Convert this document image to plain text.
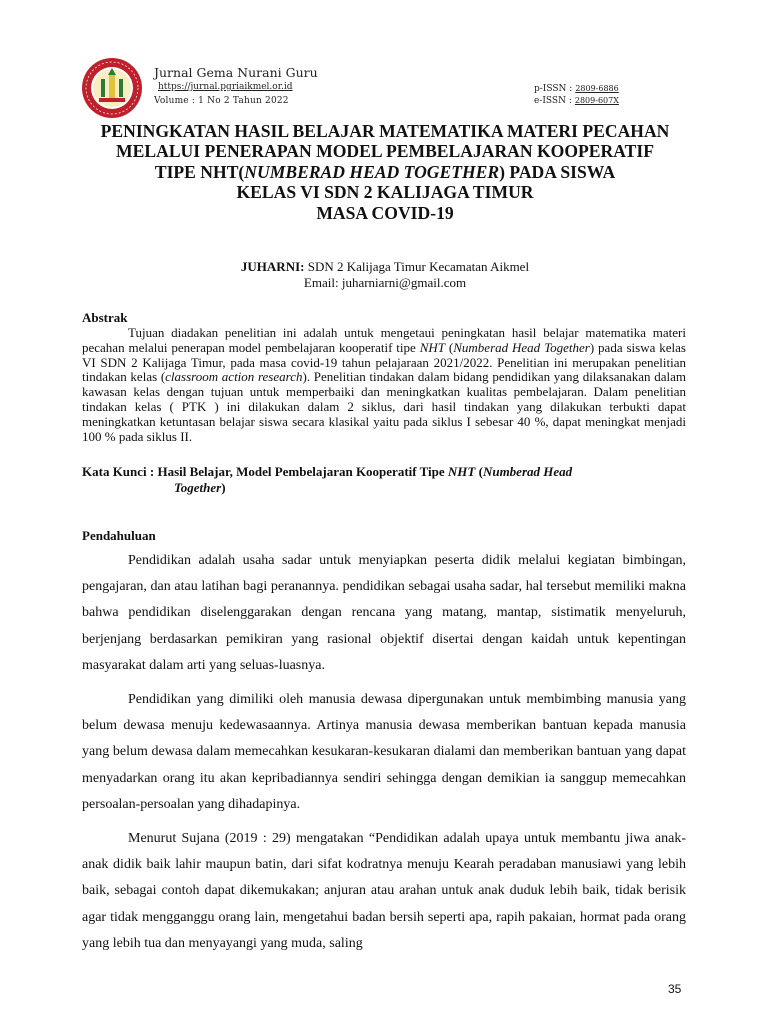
Jurnal Gema Nurani Guru
https://jurnal.pgriaikmel.or.id
Volume : 1 No 2 Tahun 2022
p-ISSN : 2809-6886
e-ISSN : 2809-607X
PENINGKATAN HASIL BELAJAR MATEMATIKA MATERI PECAHAN
MELALUI PENERAPAN MODEL PEMBELAJARAN KOOPERATIF
TIPE NHT(NUMBERAD HEAD TOGETHER) PADA SISWA
KELAS VI SDN 2 KALIJAGA TIMUR
MASA COVID-19
JUHARNI: SDN 2 Kalijaga Timur Kecamatan Aikmel
Email: juharniarni@gmail.com
Abstrak

Tujuan diadakan penelitian ini adalah untuk mengetaui peningkatan hasil belajar matematika materi pecahan melalui penerapan model pembelajaran kooperatif tipe NHT (Numberad Head Together) pada siswa kelas VI SDN 2 Kalijaga Timur, pada masa covid-19 tahun pelajaraan 2021/2022. Penelitian ini merupakan penelitian tindakan kelas (classroom action research). Penelitian tindakan dalam bidang pendidikan yang dilaksanakan dalam kawasan kelas dengan tujuan untuk memperbaiki dan meningkatkan kualitas pembelajaran. Dalam penelitian tindakan kelas ( PTK ) ini dilakukan dalam 2 siklus, dari hasil tindakan yang dilakukan terbukti dapat meningkatkan ketuntasan belajar siswa secara klasikal yaitu pada siklus I sebesar 40 %, dapat meningkat menjadi 100 % pada siklus II.

Kata Kunci : Hasil Belajar, Model Pembelajaran Kooperatif Tipe NHT (Numberad Head
Together)
Pendahuluan

Pendidikan adalah usaha sadar untuk menyiapkan peserta didik melalui kegiatan bimbingan, pengajaran, dan atau latihan bagi peranannya. pendidikan sebagai usaha sadar, hal tersebut memiliki makna bahwa pendidikan diselenggarakan dengan rencana yang matang, mantap, sistimatik menyeluruh, berjenjang berdasarkan pemikiran yang rasional objektif disertai dengan kaidah untuk kepentingan masyarakat dalam arti yang seluas-luasnya.

Pendidikan yang dimiliki oleh manusia dewasa dipergunakan untuk membimbing manusia yang belum dewasa menuju kedewasaannya. Artinya manusia dewasa memberikan bantuan kepada manusia yang belum dewasa dalam memecahkan kesukaran-kesukaran dialami dan memberikan bantuan yang dapat menyadarkan orang itu akan kepribadiannya sendiri sehingga dengan demikian ia sanggup memecahkan persoalan-persoalan yang dihadapinya.

Menurut Sujana (2019 : 29) mengatakan “Pendidikan adalah upaya untuk membantu jiwa anak-anak didik baik lahir maupun batin, dari sifat kodratnya menuju Kearah peradaban manusiawi yang lebih baik, sebagai contoh dapat dikemukakan; anjuran atau arahan untuk anak duduk lebih baik, tidak berisik agar tidak mengganggu orang lain, mengetahui badan bersih seperti apa, rapih pakaian, hormat pada orang yang lebih tua dan menyayangi yang muda, saling

35
